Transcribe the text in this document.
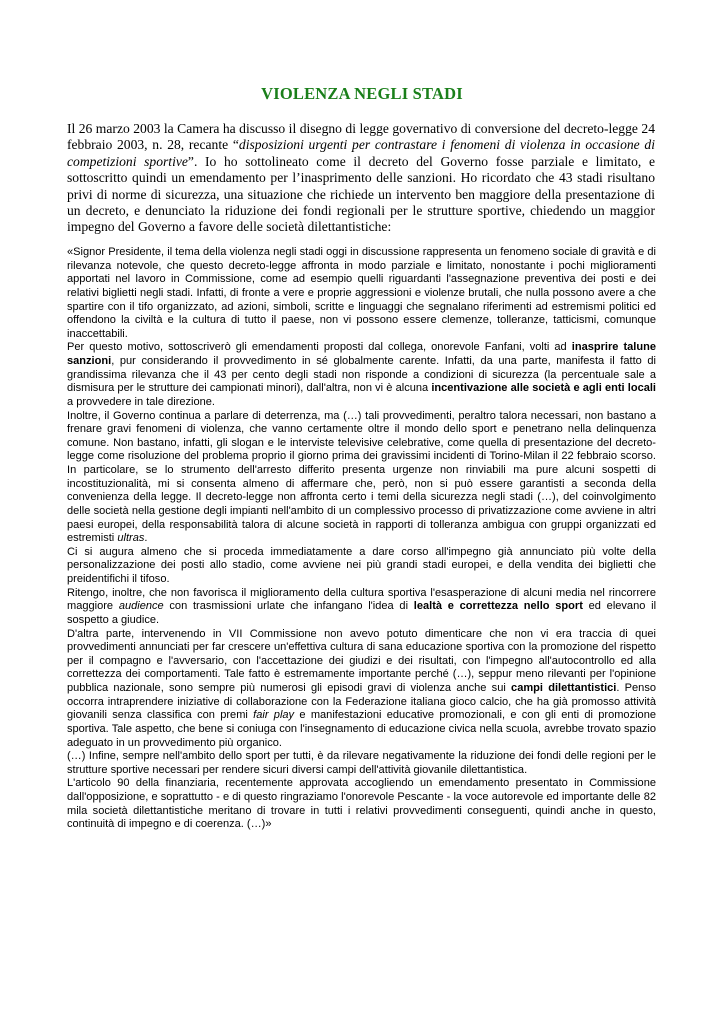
VIOLENZA NEGLI STADI

Il 26 marzo 2003 la Camera ha discusso il disegno di legge governativo di conversione del decreto-legge 24 febbraio 2003, n. 28, recante “disposizioni urgenti per contrastare i fenomeni di violenza in occasione di competizioni sportive”. Io ho sottolineato come il decreto del Governo fosse parziale e limitato, e sottoscritto quindi un emendamento per l’inasprimento delle sanzioni. Ho ricordato che 43 stadi risultano privi di norme di sicurezza, una situazione che richiede un intervento ben maggiore della presentazione di un decreto, e denunciato la riduzione dei fondi regionali per le strutture sportive, chiedendo un maggior impegno del Governo a favore delle società dilettantistiche:

«Signor Presidente, il tema della violenza negli stadi oggi in discussione rappresenta un fenomeno sociale di gravità e di rilevanza notevole, che questo decreto-legge affronta in modo parziale e limitato, nonostante i pochi miglioramenti apportati nel lavoro in Commissione, come ad esempio quelli riguardanti l'assegnazione preventiva dei posti e dei relativi biglietti negli stadi. Infatti, di fronte a vere e proprie aggressioni e violenze brutali, che nulla possono avere a che spartire con il tifo organizzato, ad azioni, simboli, scritte e linguaggi che segnalano riferimenti ad estremismi politici ed offendono la civiltà e la cultura di tutto il paese, non vi possono essere clemenze, tolleranze, tatticismi, comunque inaccettabili.

Per questo motivo, sottoscriverò gli emendamenti proposti dal collega, onorevole Fanfani, volti ad inasprire talune sanzioni, pur considerando il provvedimento in sé globalmente carente. Infatti, da una parte, manifesta il fatto di grandissima rilevanza che il 43 per cento degli stadi non risponde a condizioni di sicurezza (la percentuale sale a dismisura per le strutture dei campionati minori), dall'altra, non vi è alcuna incentivazione alle società e agli enti locali a provvedere in tale direzione.

Inoltre, il Governo continua a parlare di deterrenza, ma (…) tali provvedimenti, peraltro talora necessari, non bastano a frenare gravi fenomeni di violenza, che vanno certamente oltre il mondo dello sport e penetrano nella delinquenza comune. Non bastano, infatti, gli slogan e le interviste televisive celebrative, come quella di presentazione del decreto-legge come risoluzione del problema proprio il giorno prima dei gravissimi incidenti di Torino-Milan il 22 febbraio scorso. In particolare, se lo strumento dell'arresto differito presenta urgenze non rinviabili ma pure alcuni sospetti di incostituzionalità, mi si consenta almeno di affermare che, però, non si può essere garantisti a seconda della convenienza della legge. Il decreto-legge non affronta certo i temi della sicurezza negli stadi (…), del coinvolgimento delle società nella gestione degli impianti nell'ambito di un complessivo processo di privatizzazione come avviene in altri paesi europei, della responsabilità talora di alcune società in rapporti di tolleranza ambigua con gruppi organizzati ed estremisti ultras.

Ci si augura almeno che si proceda immediatamente a dare corso all'impegno già annunciato più volte della personalizzazione dei posti allo stadio, come avviene nei più grandi stadi europei, e della vendita dei biglietti che preidentifichi il tifoso.

Ritengo, inoltre, che non favorisca il miglioramento della cultura sportiva l'esasperazione di alcuni media nel rincorrere maggiore audience con trasmissioni urlate che infangano l'idea di lealtà e correttezza nello sport ed elevano il sospetto a giudice.

D'altra parte, intervenendo in VII Commissione non avevo potuto dimenticare che non vi era traccia di quei provvedimenti annunciati per far crescere un'effettiva cultura di sana educazione sportiva con la promozione del rispetto per il compagno e l'avversario, con l'accettazione dei giudizi e dei risultati, con l'impegno all'autocontrollo ed alla correttezza dei comportamenti. Tale fatto è estremamente importante perché (…), seppur meno rilevanti per l'opinione pubblica nazionale, sono sempre più numerosi gli episodi gravi di violenza anche sui campi dilettantistici. Penso occorra intraprendere iniziative di collaborazione con la Federazione italiana gioco calcio, che ha già promosso attività giovanili senza classifica con premi fair play e manifestazioni educative promozionali, e con gli enti di promozione sportiva. Tale aspetto, che bene si coniuga con l'insegnamento di educazione civica nella scuola, avrebbe trovato spazio adeguato in un provvedimento più organico.

(…) Infine, sempre nell'ambito dello sport per tutti, è da rilevare negativamente la riduzione dei fondi delle regioni per le strutture sportive necessari per rendere sicuri diversi campi dell'attività giovanile dilettantistica.

L'articolo 90 della finanziaria, recentemente approvata accogliendo un emendamento presentato in Commissione dall'opposizione, e soprattutto - e di questo ringraziamo l'onorevole Pescante - la voce autorevole ed importante delle 82 mila società dilettantistiche meritano di trovare in tutti i relativi provvedimenti conseguenti, quindi anche in questo, continuità di impegno e di coerenza. (…)»
